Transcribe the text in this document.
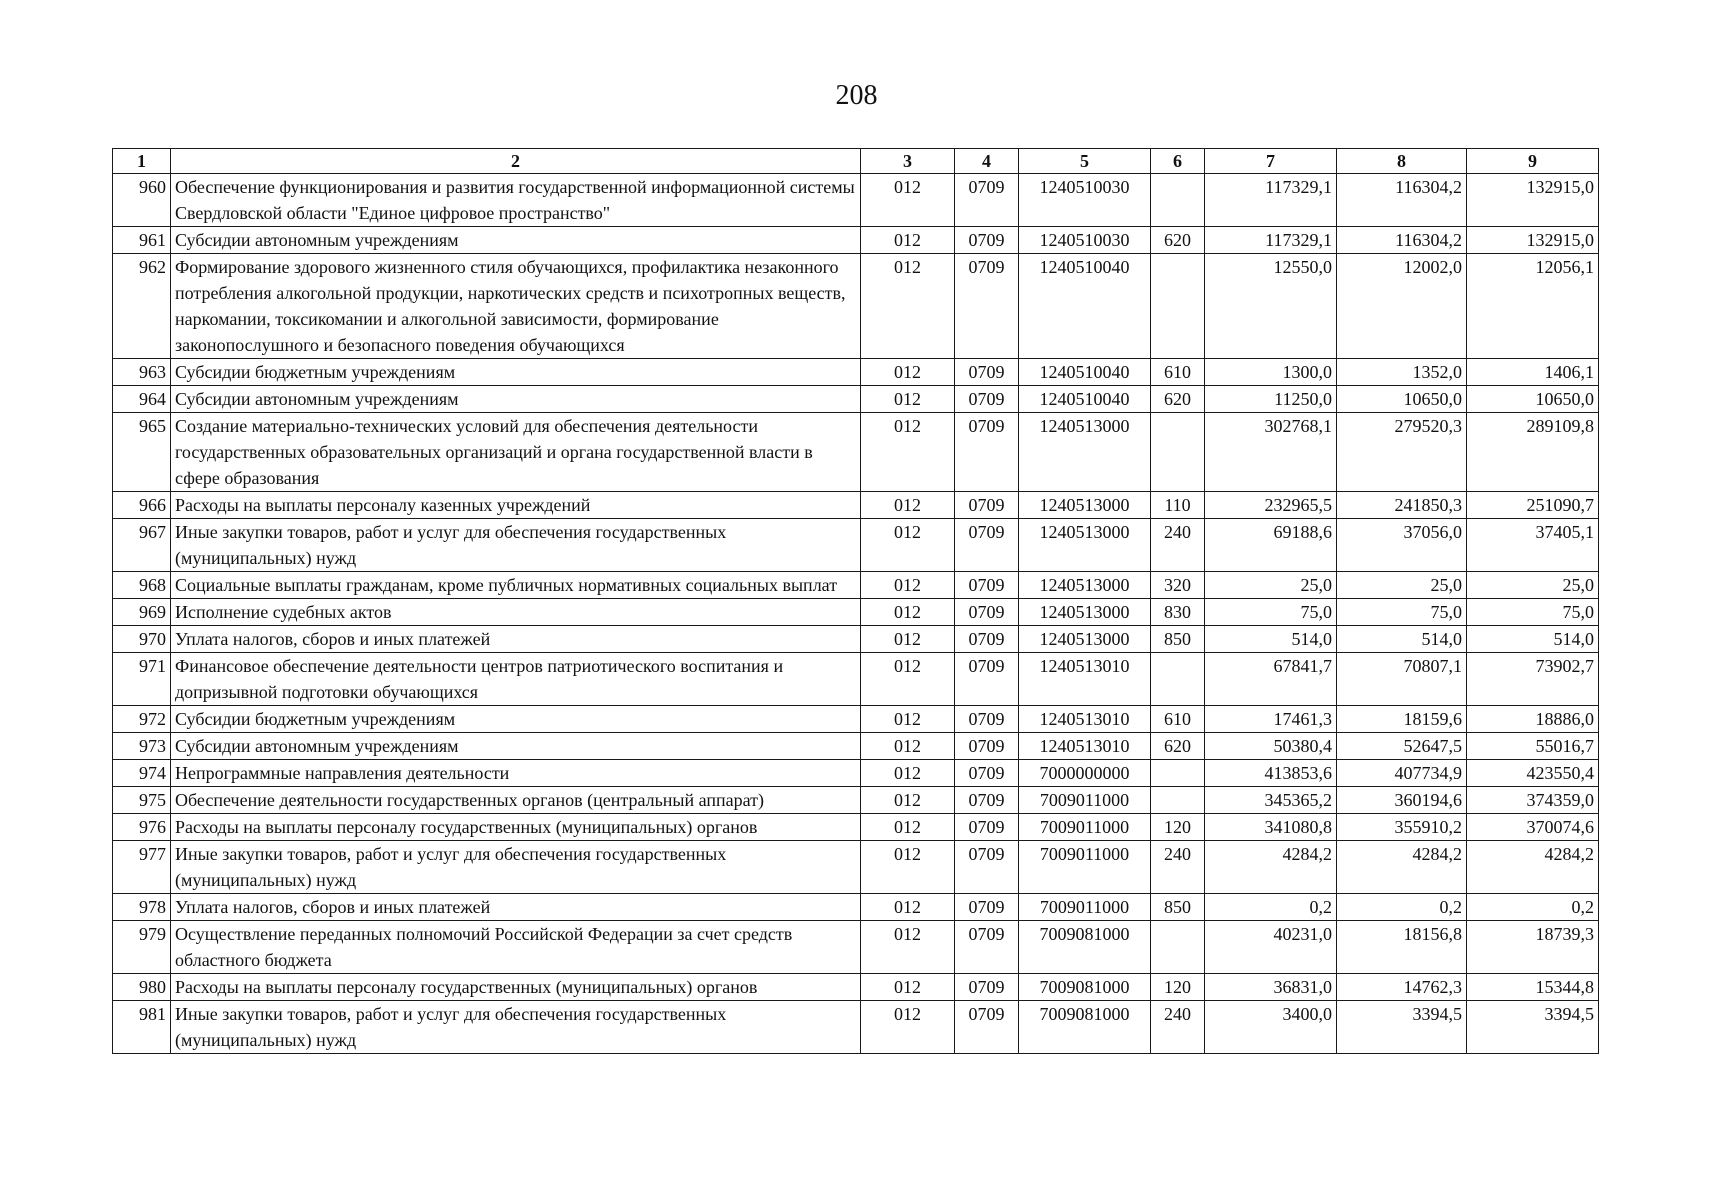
208
1	2	3	4	5	6	7	8	9
960	Обеспечение функционирования и развития государственной информационной системы Свердловской области "Единое цифровое пространство"	012	0709	1240510030		117329,1	116304,2	132915,0
961	Субсидии автономным учреждениям	012	0709	1240510030	620	117329,1	116304,2	132915,0
962	Формирование здорового жизненного стиля обучающихся, профилактика незаконного потребления алкогольной продукции, наркотических средств и психотропных веществ, наркомании, токсикомании и алкогольной зависимости, формирование законопослушного и безопасного поведения обучающихся	012	0709	1240510040		12550,0	12002,0	12056,1
963	Субсидии бюджетным учреждениям	012	0709	1240510040	610	1300,0	1352,0	1406,1
964	Субсидии автономным учреждениям	012	0709	1240510040	620	11250,0	10650,0	10650,0
965	Создание материально-технических условий для обеспечения деятельности государственных образовательных организаций и органа государственной власти в сфере образования	012	0709	1240513000		302768,1	279520,3	289109,8
966	Расходы на выплаты персоналу казенных учреждений	012	0709	1240513000	110	232965,5	241850,3	251090,7
967	Иные закупки товаров, работ и услуг для обеспечения государственных (муниципальных) нужд	012	0709	1240513000	240	69188,6	37056,0	37405,1
968	Социальные выплаты гражданам, кроме публичных нормативных социальных выплат	012	0709	1240513000	320	25,0	25,0	25,0
969	Исполнение судебных актов	012	0709	1240513000	830	75,0	75,0	75,0
970	Уплата налогов, сборов и иных платежей	012	0709	1240513000	850	514,0	514,0	514,0
971	Финансовое обеспечение деятельности центров патриотического воспитания и допризывной подготовки обучающихся	012	0709	1240513010		67841,7	70807,1	73902,7
972	Субсидии бюджетным учреждениям	012	0709	1240513010	610	17461,3	18159,6	18886,0
973	Субсидии автономным учреждениям	012	0709	1240513010	620	50380,4	52647,5	55016,7
974	Непрограммные направления деятельности	012	0709	7000000000		413853,6	407734,9	423550,4
975	Обеспечение деятельности государственных органов (центральный аппарат)	012	0709	7009011000		345365,2	360194,6	374359,0
976	Расходы на выплаты персоналу государственных (муниципальных) органов	012	0709	7009011000	120	341080,8	355910,2	370074,6
977	Иные закупки товаров, работ и услуг для обеспечения государственных (муниципальных) нужд	012	0709	7009011000	240	4284,2	4284,2	4284,2
978	Уплата налогов, сборов и иных платежей	012	0709	7009011000	850	0,2	0,2	0,2
979	Осуществление переданных полномочий Российской Федерации за счет средств областного бюджета	012	0709	7009081000		40231,0	18156,8	18739,3
980	Расходы на выплаты персоналу государственных (муниципальных) органов	012	0709	7009081000	120	36831,0	14762,3	15344,8
981	Иные закупки товаров, работ и услуг для обеспечения государственных (муниципальных) нужд	012	0709	7009081000	240	3400,0	3394,5	3394,5
